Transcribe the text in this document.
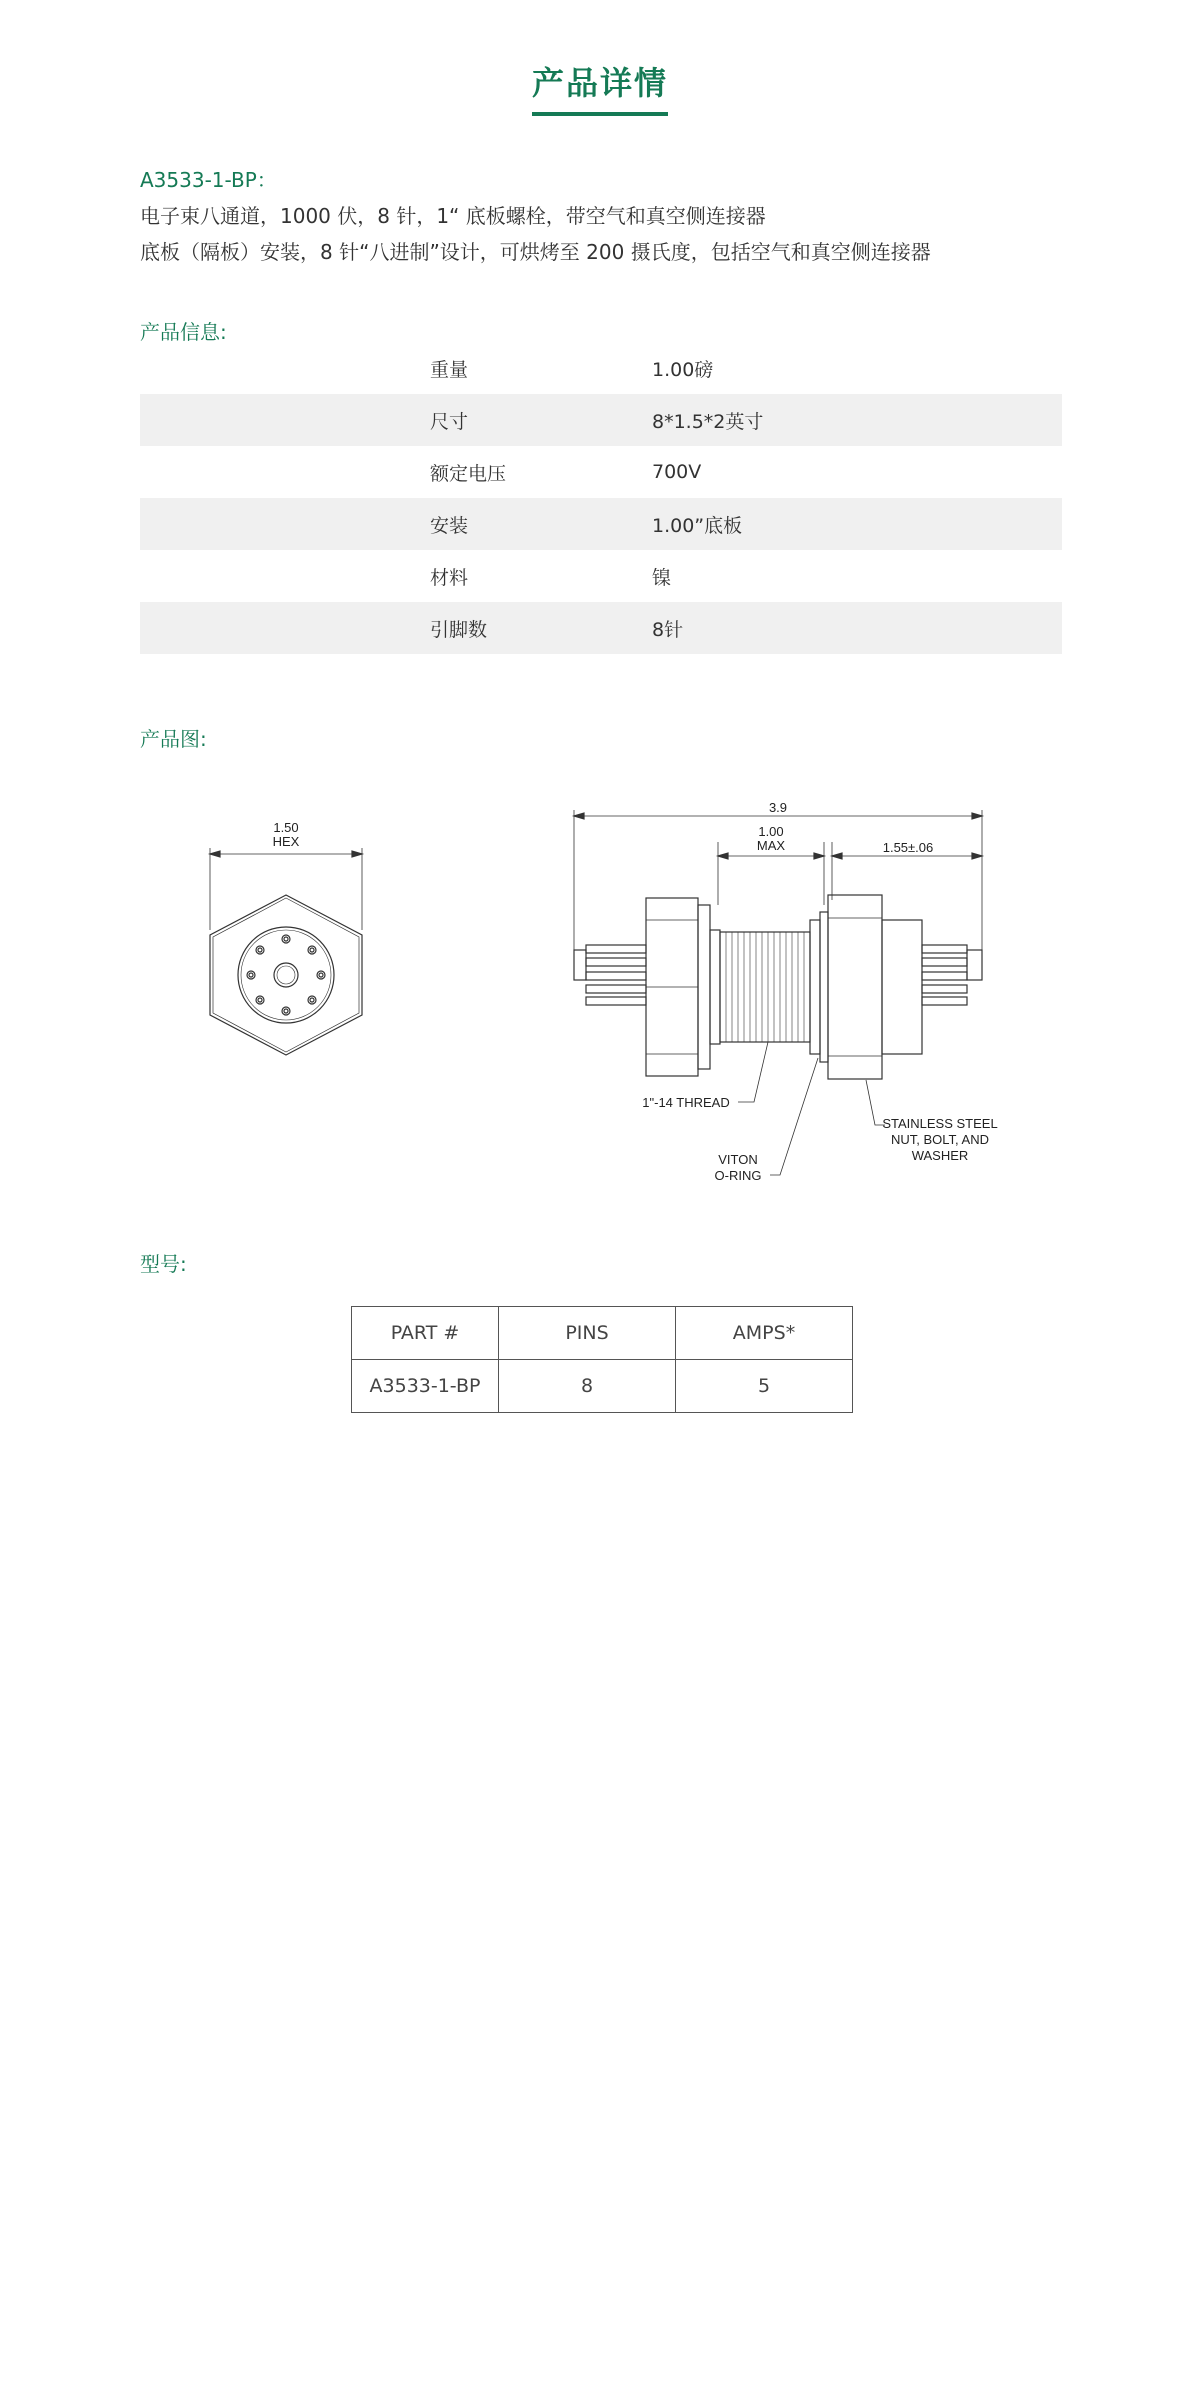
产品详情
A3533-1-BP：
电子束八通道，1000 伏，8 针，1“ 底板螺栓，带空气和真空侧连接器
底板（隔板）安装，8 针“八进制”设计，可烘烤至 200 摄氏度，包括空气和真空侧连接器
产品信息:
重量	1.00磅
尺寸	8*1.5*2英寸
额定电压	700V
安装	1.00”底板
材料	镍
引脚数	8针
产品图:
1.50
HEX
3.9
1.00
MAX	1.55±.06
1"-14 THREAD
VITON
O-RING
STAINLESS STEEL
NUT, BOLT, AND
WASHER
型号:
PART #	PINS	AMPS*
A3533-1-BP	8	5
